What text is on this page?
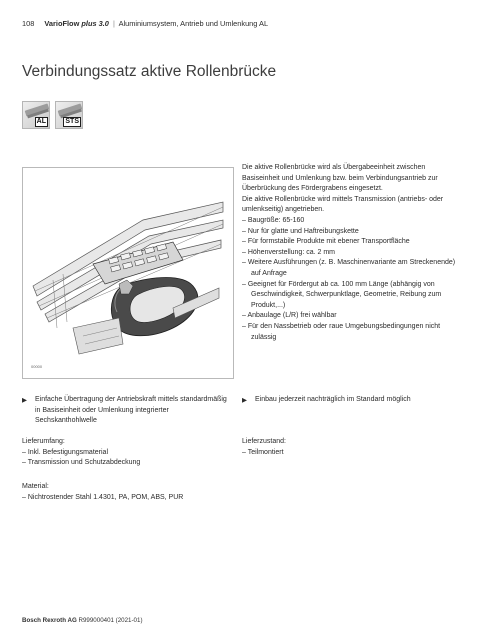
108 VarioFlow plus 3.0 | Aluminiumsystem, Antrieb und Umlenkung AL
Verbindungssatz aktive Rollenbrücke
AL	STS
00000

Die aktive Rollenbrücke wird als Übergabeeinheit zwischen Basiseinheit und Umlenkung bzw. beim Verbindungsantrieb zur Überbrückung des Fördergrabens eingesetzt.

Die aktive Rollenbrücke wird mittels Transmission (antriebs- oder umlenkseitig) angetrieben.

– Baugröße: 65-160
– Nur für glatte und Haftreibungskette
– Für formstabile Produkte mit ebener Transportfläche
– Höhenverstellung: ca. 2 mm
– Weitere Ausführungen (z. B. Maschinenvariante am Streckenende) auf Anfrage
– Geeignet für Fördergut ab ca. 100 mm Länge (abhängig von Geschwindigkeit, Schwerpunktlage, Geometrie, Reibung zum Produkt,...)
– Anbaulage (L/R) frei wählbar
– Für den Nassbetrieb oder raue Umgebungsbedingungen nicht zulässig
▶	Einfache Übertragung der Antriebskraft mittels standardmäßig in Basiseinheit oder Umlenkung integrierter Sechskanthohlwelle
▶	Einbau jederzeit nachträglich im Standard möglich

Lieferumfang:

– Inkl. Befestigungsmaterial
– Transmission und Schutzabdeckung

Lieferzustand:

– Teilmontiert

Material:

– Nichtrostender Stahl 1.4301, PA, POM, ABS, PUR
Bosch Rexroth AG R999000401 (2021-01)
